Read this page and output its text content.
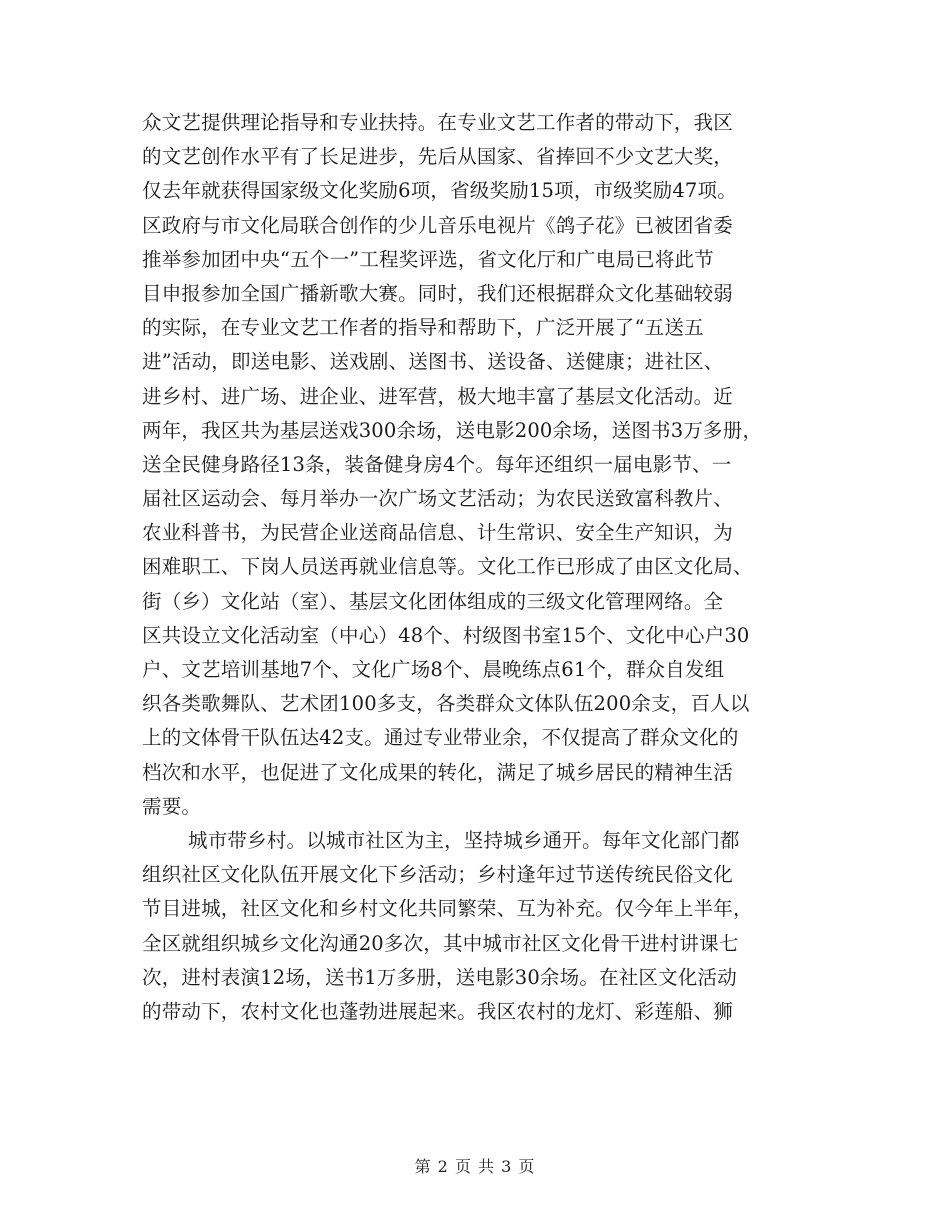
众文艺提供理论指导和专业扶持。在专业文艺工作者的带动下，我区
的文艺创作水平有了长足进步，先后从国家、省捧回不少文艺大奖，
仅去年就获得国家级文化奖励6项，省级奖励15项，市级奖励47项。
区政府与市文化局联合创作的少儿音乐电视片《鸽子花》已被团省委
推举参加团中央“五个一”工程奖评选，省文化厅和广电局已将此节
目申报参加全国广播新歌大赛。同时，我们还根据群众文化基础较弱
的实际，在专业文艺工作者的指导和帮助下，广泛开展了“五送五
进”活动，即送电影、送戏剧、送图书、送设备、送健康；进社区、
进乡村、进广场、进企业、进军营，极大地丰富了基层文化活动。近
两年，我区共为基层送戏300余场，送电影200余场，送图书3万多册，
送全民健身路径13条，装备健身房4个。每年还组织一届电影节、一
届社区运动会、每月举办一次广场文艺活动；为农民送致富科教片、
农业科普书，为民营企业送商品信息、计生常识、安全生产知识，为
困难职工、下岗人员送再就业信息等。文化工作已形成了由区文化局、
街（乡）文化站（室）、基层文化团体组成的三级文化管理网络。全
区共设立文化活动室（中心）48个、村级图书室15个、文化中心户30
户、文艺培训基地7个、文化广场8个、晨晚练点61个，群众自发组
织各类歌舞队、艺术团100多支，各类群众文体队伍200余支，百人以
上的文体骨干队伍达42支。通过专业带业余，不仅提高了群众文化的
档次和水平，也促进了文化成果的转化，满足了城乡居民的精神生活
需要。
城市带乡村。以城市社区为主，坚持城乡通开。每年文化部门都
组织社区文化队伍开展文化下乡活动；乡村逢年过节送传统民俗文化
节目进城，社区文化和乡村文化共同繁荣、互为补充。仅今年上半年，
全区就组织城乡文化沟通20多次，其中城市社区文化骨干进村讲课七
次，进村表演12场，送书1万多册，送电影30余场。在社区文化活动
的带动下，农村文化也蓬勃进展起来。我区农村的龙灯、彩莲船、狮
第 2 页 共 3 页
